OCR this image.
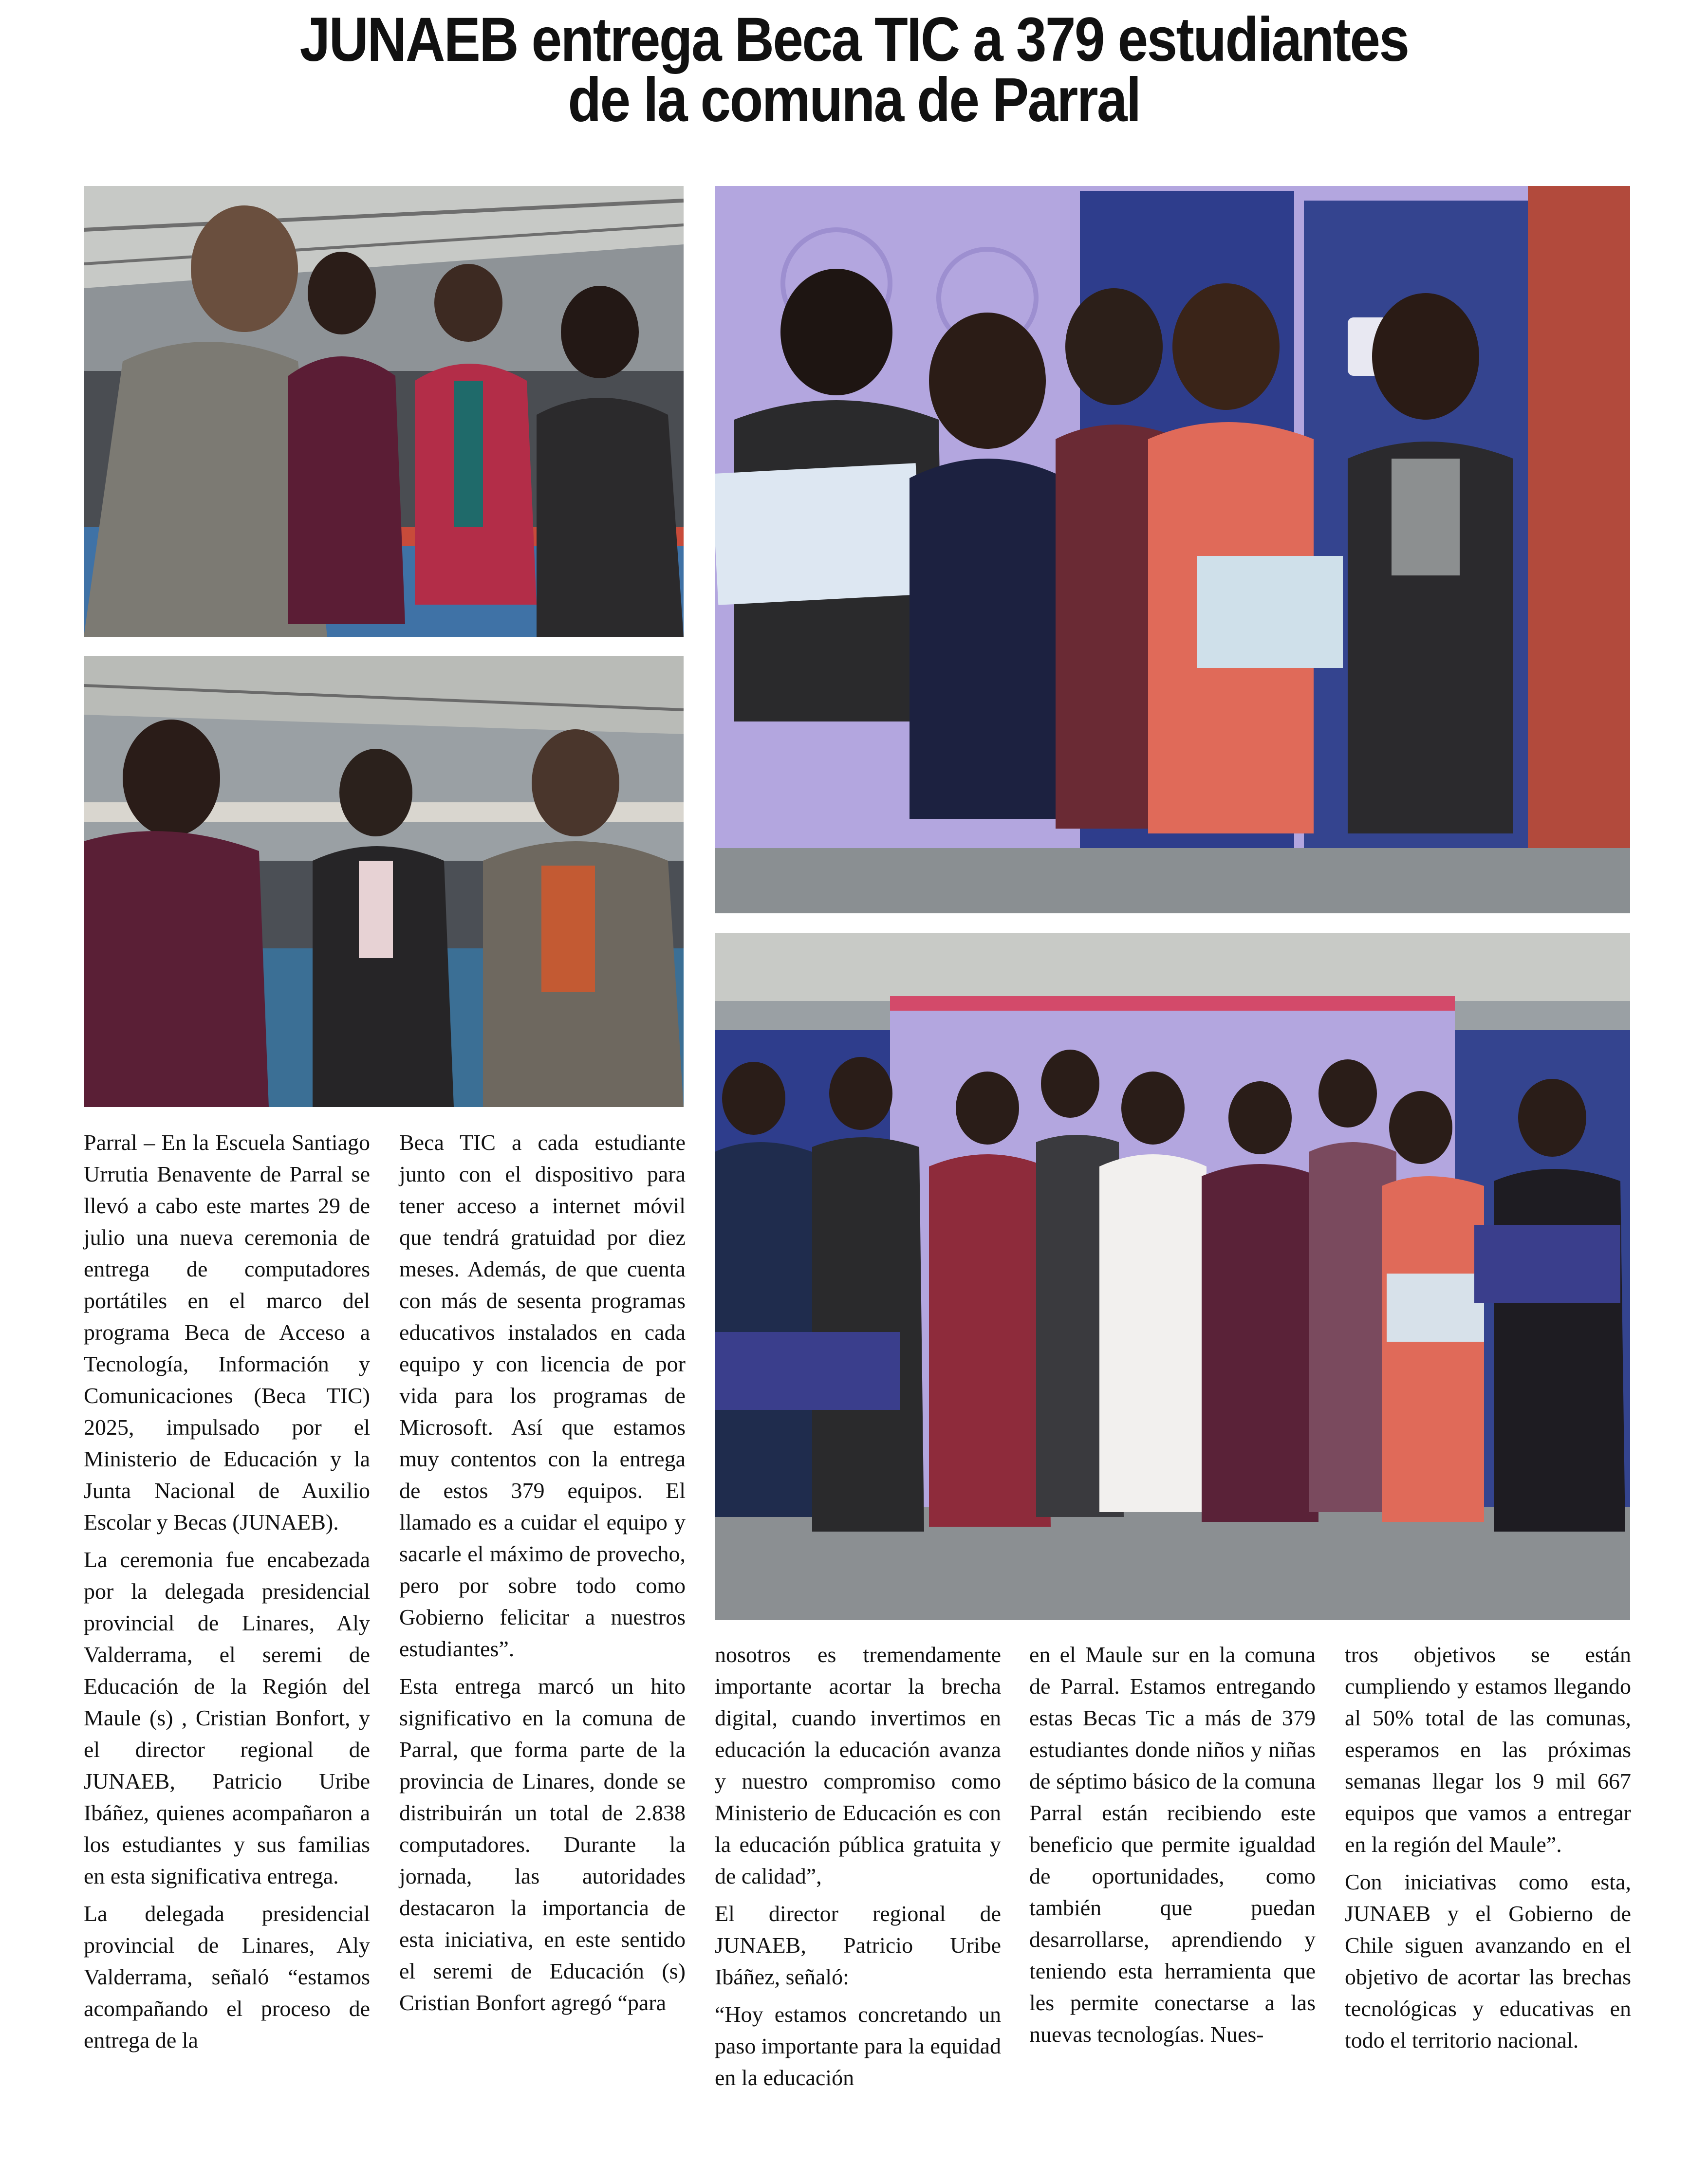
JUNAEB entrega Beca TIC a 379 estudiantes
de la comuna de Parral

Parral – En la Escuela Santiago Urrutia Benavente de Parral se llevó a cabo este martes 29 de julio una nueva ceremonia de entrega de computadores portátiles en el marco del programa Beca de Acceso a Tecnología, Información y Comunicaciones (Beca TIC) 2025, impulsado por el Ministerio de Educación y la Junta Nacional de Auxilio Escolar y Becas (JUNAEB).

La ceremonia fue encabezada por la delegada presidencial provincial de Linares, Aly Valderrama, el seremi de Educación de la Región del Maule (s) , Cristian Bonfort, y el director regional de JUNAEB, Patricio Uribe Ibáñez, quienes acompañaron a los estudiantes y sus familias en esta significativa entrega.

La delegada presidencial provincial de Linares, Aly Valderrama, señaló “estamos acompañando el proceso de entrega de la

Beca TIC a cada estudiante junto con el dispositivo para tener acceso a internet móvil que tendrá gratuidad por diez meses. Además, de que cuenta con más de sesenta programas educativos instalados en cada equipo y con licencia de por vida para los programas de Microsoft. Así que estamos muy contentos con la entrega de estos 379 equipos. El llamado es a cuidar el equipo y sacarle el máximo de provecho, pero por sobre todo como Gobierno felicitar a nuestros estudiantes”.

Esta entrega marcó un hito significativo en la comuna de Parral, que forma parte de la provincia de Linares, donde se distribuirán un total de 2.838 computadores. Durante la jornada, las autoridades destacaron la importancia de esta iniciativa, en este sentido el seremi de Educación (s) Cristian Bonfort agregó “para

nosotros es tremendamente importante acortar la brecha digital, cuando invertimos en educación la educación avanza y nuestro compromiso como Ministerio de Educación es con la educación pública gratuita y de calidad”,

El director regional de JUNAEB, Patricio Uribe Ibáñez, señaló:

“Hoy estamos concretando un paso importante para la equidad en la educación

en el Maule sur en la comuna de Parral. Estamos entregando estas Becas Tic a más de 379 estudiantes donde niños y niñas de séptimo básico de la comuna Parral están recibiendo este beneficio que permite igualdad de oportunidades, como también que puedan desarrollarse, aprendiendo y teniendo esta herramienta que les permite conectarse a las nuevas tecnologías. Nues-

tros objetivos se están cumpliendo y estamos llegando al 50% total de las comunas, esperamos en las próximas semanas llegar los 9 mil 667 equipos que vamos a entregar en la región del Maule”.

Con iniciativas como esta, JUNAEB y el Gobierno de Chile siguen avanzando en el objetivo de acortar las brechas tecnológicas y educativas en todo el territorio nacional.
